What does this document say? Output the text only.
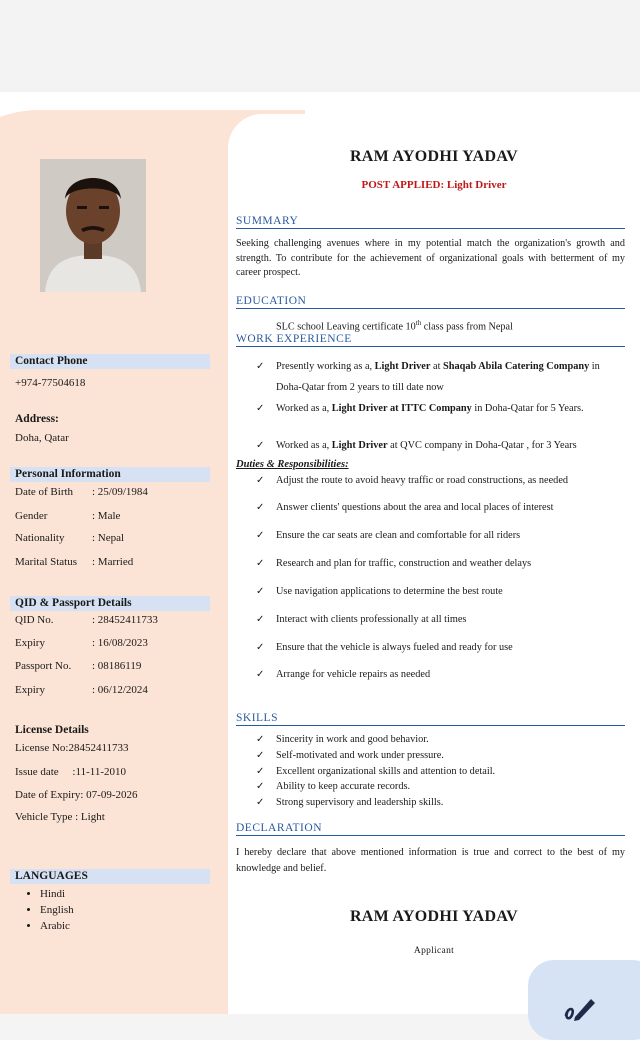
Contact Phone
+974-77504618
Address:
Doha, Qatar
Personal Information
Date of Birth : 25/09/1984
Gender	: Male
Nationality	: Nepal
Marital Status : Married
QID & Passport Details
QID No.	: 28452411733
Expiry	: 16/08/2023
Passport No. : 08186119
Expiry	: 06/12/2024
License Details
License No:28452411733
Issue date     :11-11-2010
Date of Expiry: 07-09-2026
Vehicle Type : Light
LANGUAGES
• Hindi
• English
• Arabic
RAM AYODHI YADAV
POST APPLIED: Light Driver
SUMMARY
Seeking challenging avenues where in my potential match the organization's growth and strength. To contribute for the achievement of organizational goals with betterment of my career prospect.
EDUCATION
SLC school Leaving certificate 10th class pass from Nepal
WORK EXPERIENCE
✓ Presently working as a, Light Driver at Shaqab Abila Catering Company in Doha-Qatar from 2 years to till date now
✓ Worked as a, Light Driver at ITTC Company in Doha-Qatar for 5 Years.
✓ Worked as a, Light Driver at QVC company in Doha-Qatar , for 3 Years
Duties & Responsibilities:
✓ Adjust the route to avoid heavy traffic or road constructions, as needed
✓ Answer clients' questions about the area and local places of interest
✓ Ensure the car seats are clean and comfortable for all riders
✓ Research and plan for traffic, construction and weather delays
✓ Use navigation applications to determine the best route
✓ Interact with clients professionally at all times
✓ Ensure that the vehicle is always fueled and ready for use
✓ Arrange for vehicle repairs as needed
SKILLS
✓ Sincerity in work and good behavior.
✓ Self-motivated and work under pressure.
✓ Excellent organizational skills and attention to detail.
✓ Ability to keep accurate records.
✓ Strong supervisory and leadership skills.
DECLARATION
I hereby declare that above mentioned information is true and correct to the best of my knowledge and belief.
RAM AYODHI YADAV
Applicant
